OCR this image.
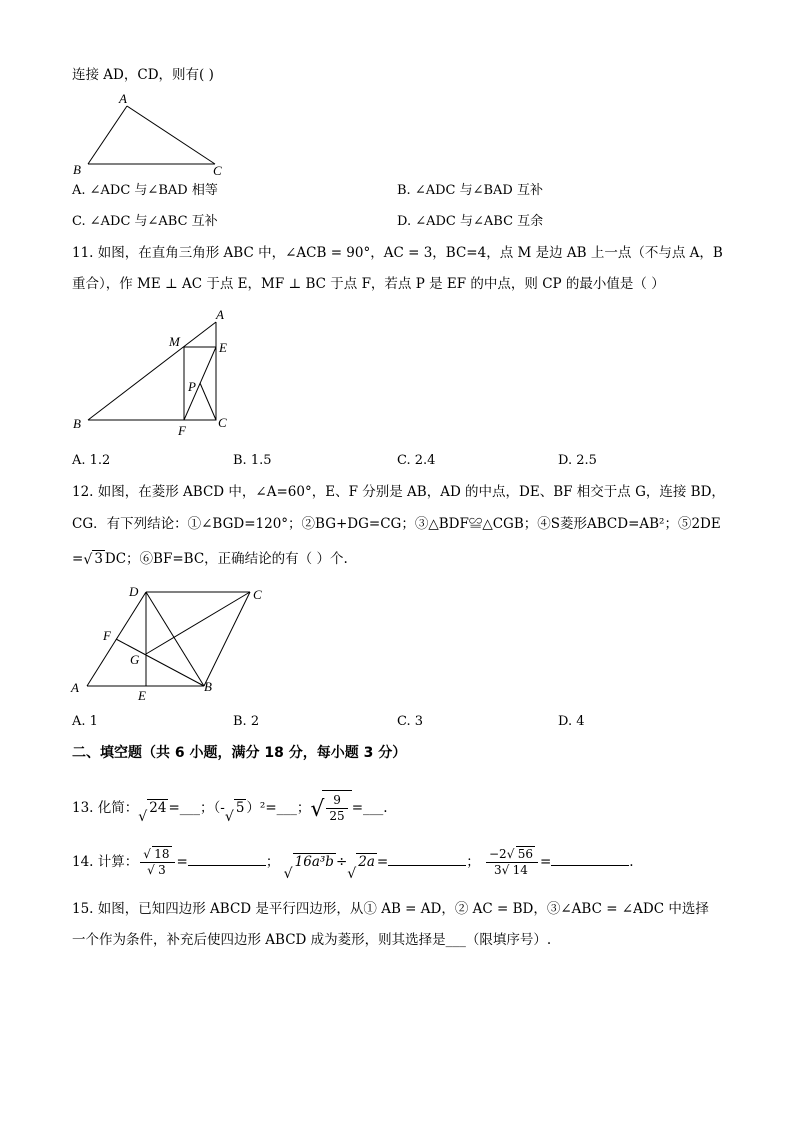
连接 AD，CD，则有( )
A
B	C
A. ∠ADC 与∠BAD 相等	B. ∠ADC 与∠BAD 互补
C. ∠ADC 与∠ABC 互补	D. ∠ADC 与∠ABC 互余
11. 如图，在直角三角形 ABC 中，∠ACB = 90°，AC = 3，BC=4，点 M 是边 AB 上一点（不与点 A，B
重合），作 ME ⊥ AC 于点 E，MF ⊥ BC 于点 F，若点 P 是 EF 的中点，则 CP 的最小值是（ ）
A
M	E
P
B	F
C
A. 1.2	B. 1.5	C. 2.4	D. 2.5
12. 如图，在菱形 ABCD 中，∠A=60°，E、F 分别是 AB，AD 的中点，DE、BF 相交于点 G，连接 BD，
CG．有下列结论：①∠BGD=120°；②BG+DG=CG；③△BDF≌△CGB；④S菱形ABCD=AB²；⑤2DE
= √ 3 DC；⑥BF=BC，正确结论的有（ ）个.
D	C
F
G
A
E
B
A. 1	B. 2	C. 3	D. 4
二、填空题（共 6 小题，满分 18 分，每小题 3 分）
13. 化简：
√
24 =___；（-
√
5 ）²=___； √ $\frac{9}{25}$ =___.
14. 计算： $\frac{√ 18}{√ 3}$ =	；
√
16a³b ÷
√
2a =	； $\frac{-2 √ 56}{3 √ 14}$ =	.
15. 如图，已知四边形 ABCD 是平行四边形，从① AB = AD，② AC = BD，③∠ABC = ∠ADC 中选择
一个作为条件，补充后使四边形 ABCD 成为菱形，则其选择是___（限填序号）.
